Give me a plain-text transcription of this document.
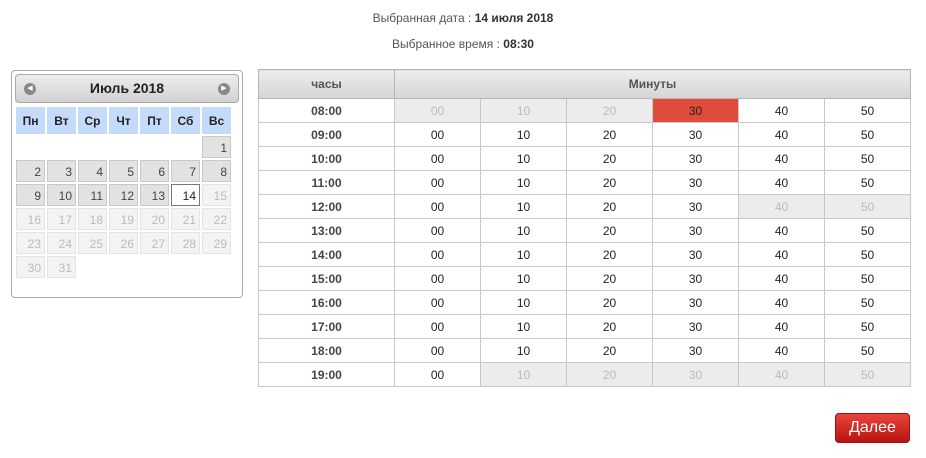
Выбранная дата : 14 июля 2018
Выбранное время : 08:30
◀	Июль 2018	▶
Пн	Вт	Ср	Чт	Пт	Сб	Вс

						1

2	3	4	5	6	7	8

9	10	11	12	13	14	15

16	17	18	19	20	21	22

23	24	25	26	27	28	29

30	31					

часы	Минуты					
08:00	00	10	20	30	40	50
09:00	00	10	20	30	40	50
10:00	00	10	20	30	40	50
11:00	00	10	20	30	40	50
12:00	00	10	20	30	40	50
13:00	00	10	20	30	40	50
14:00	00	10	20	30	40	50
15:00	00	10	20	30	40	50
16:00	00	10	20	30	40	50
17:00	00	10	20	30	40	50
18:00	00	10	20	30	40	50
19:00	00	10	20	30	40	50
Далее
